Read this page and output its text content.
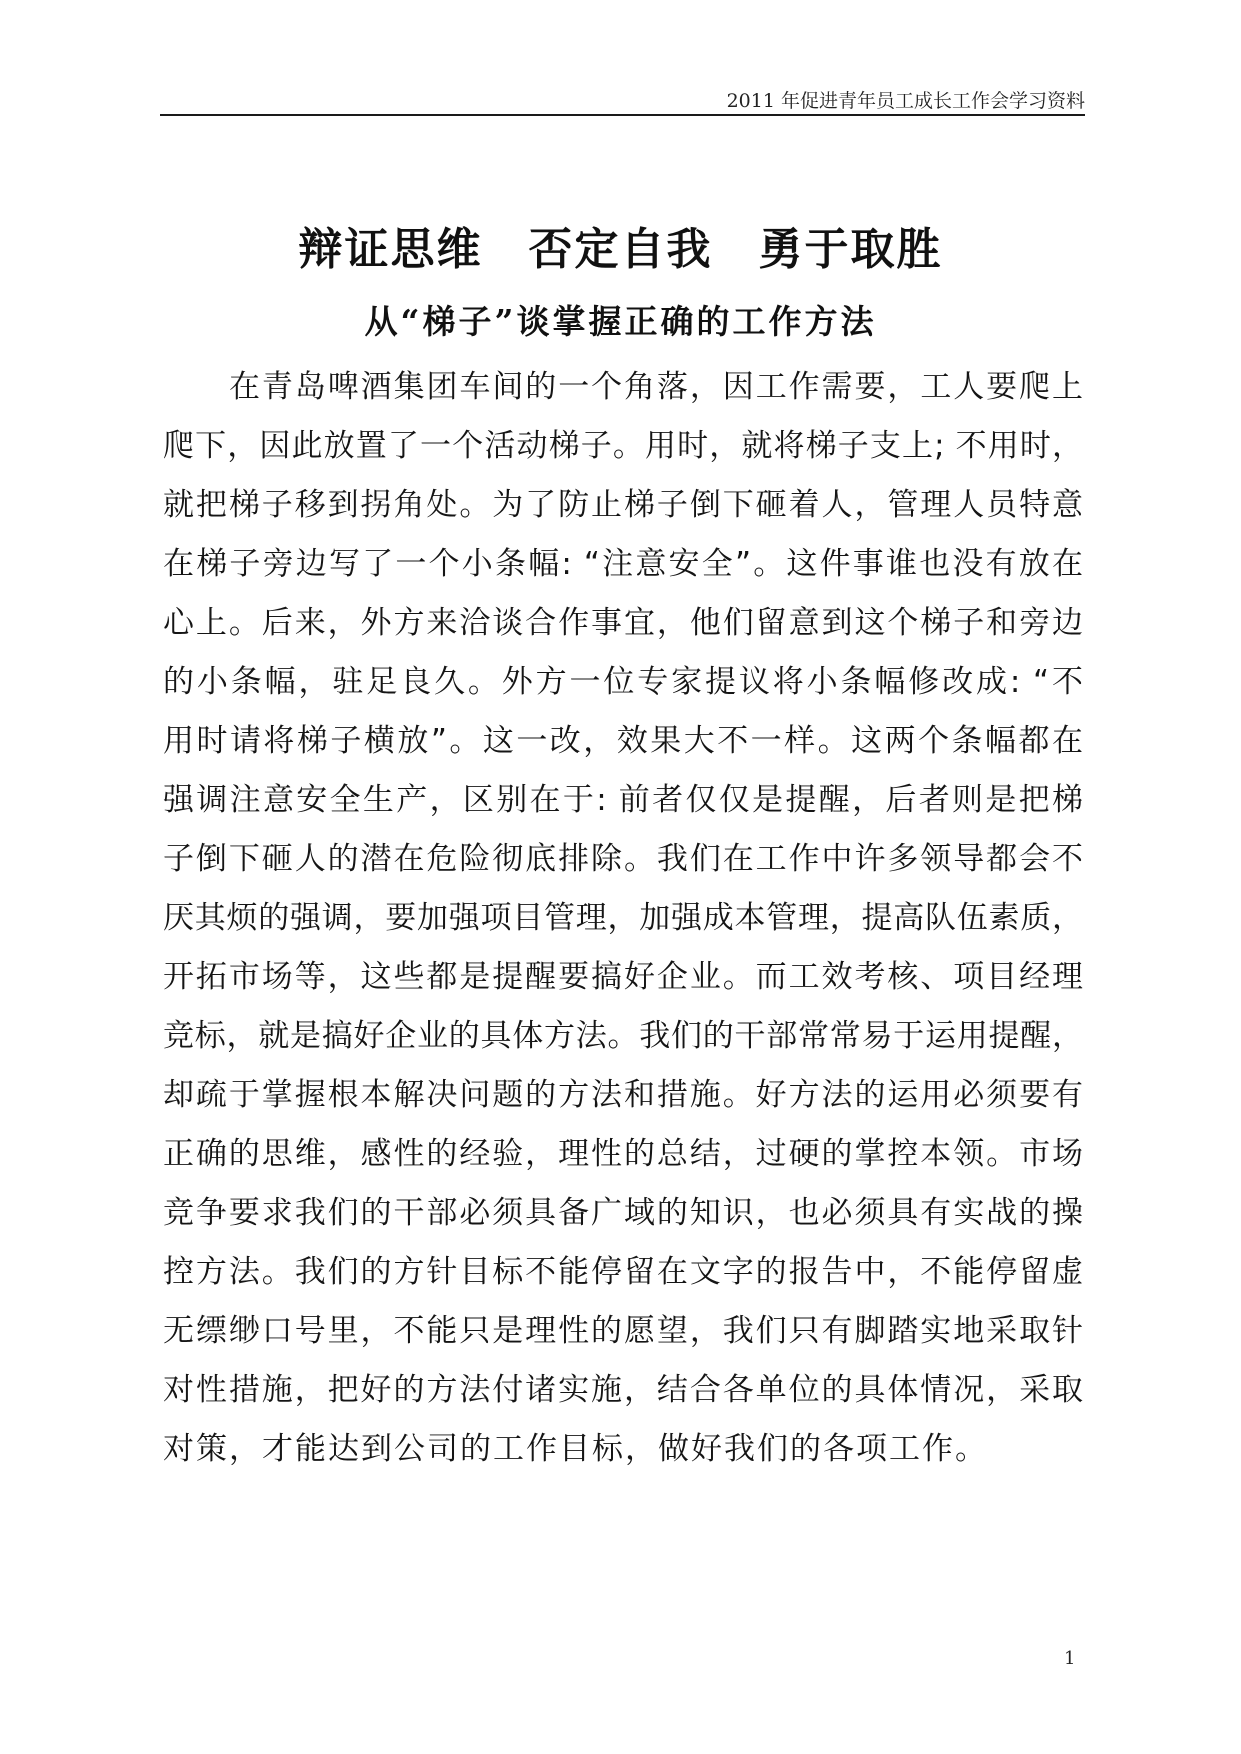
2011 年促进青年员工成长工作会学习资料
辩证思维　否定自我　勇于取胜
从“梯子”谈掌握正确的工作方法
在青岛啤酒集团车间的一个角落，因工作需要，工人要爬上
爬下，因此放置了一个活动梯子。用时，就将梯子支上; 不用时，
就把梯子移到拐角处。为了防止梯子倒下砸着人，管理人员特意
在梯子旁边写了一个小条幅: “注意安全”。这件事谁也没有放在
心上。后来，外方来洽谈合作事宜，他们留意到这个梯子和旁边
的小条幅，驻足良久。外方一位专家提议将小条幅修改成: “不
用时请将梯子横放”。这一改，效果大不一样。这两个条幅都在
强调注意安全生产，区别在于: 前者仅仅是提醒，后者则是把梯
子倒下砸人的潜在危险彻底排除。我们在工作中许多领导都会不
厌其烦的强调，要加强项目管理，加强成本管理，提高队伍素质，
开拓市场等，这些都是提醒要搞好企业。而工效考核、项目经理
竞标，就是搞好企业的具体方法。我们的干部常常易于运用提醒，
却疏于掌握根本解决问题的方法和措施。好方法的运用必须要有
正确的思维，感性的经验，理性的总结，过硬的掌控本领。市场
竞争要求我们的干部必须具备广域的知识，也必须具有实战的操
控方法。我们的方针目标不能停留在文字的报告中，不能停留虚
无缥缈口号里，不能只是理性的愿望，我们只有脚踏实地采取针
对性措施，把好的方法付诸实施，结合各单位的具体情况，采取
对策，才能达到公司的工作目标，做好我们的各项工作。
1
